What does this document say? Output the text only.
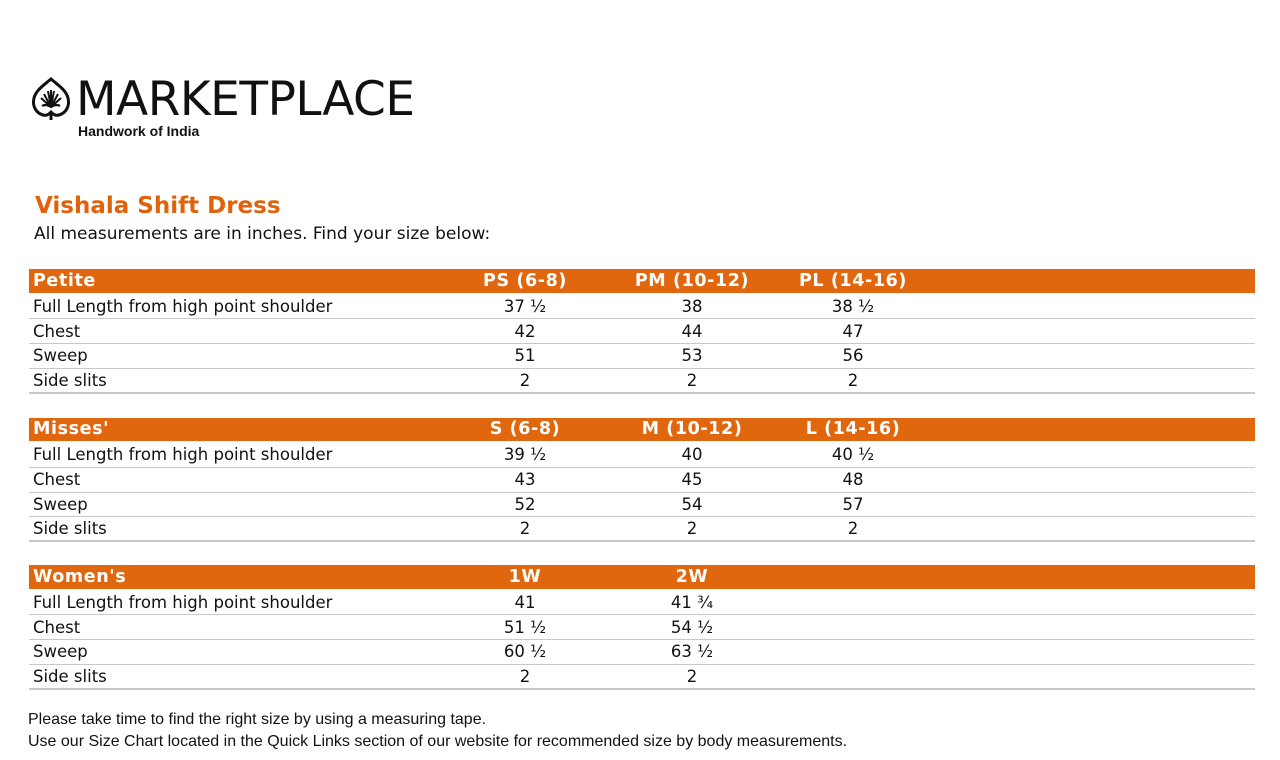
MARKETPLACE
Handwork of India
Vishala Shift Dress
All measurements are in inches. Find your size below:
Petite	PS (6-8)	PM (10-12)	PL (14-16)
Full Length from high point shoulder	37 ½	38	38 ½
Chest	42	44	47
Sweep	51	53	56
Side slits	2	2	2
Misses'	S (6-8)	M (10-12)	L (14-16)
Full Length from high point shoulder	39 ½	40	40 ½
Chest	43	45	48
Sweep	52	54	57
Side slits	2	2	2
Women's	1W	2W
Full Length from high point shoulder	41	41 ¾
Chest	51 ½	54 ½
Sweep	60 ½	63 ½
Side slits	2	2
Please take time to find the right size by using a measuring tape.
Use our Size Chart located in the Quick Links section of our website for recommended size by body measurements.
